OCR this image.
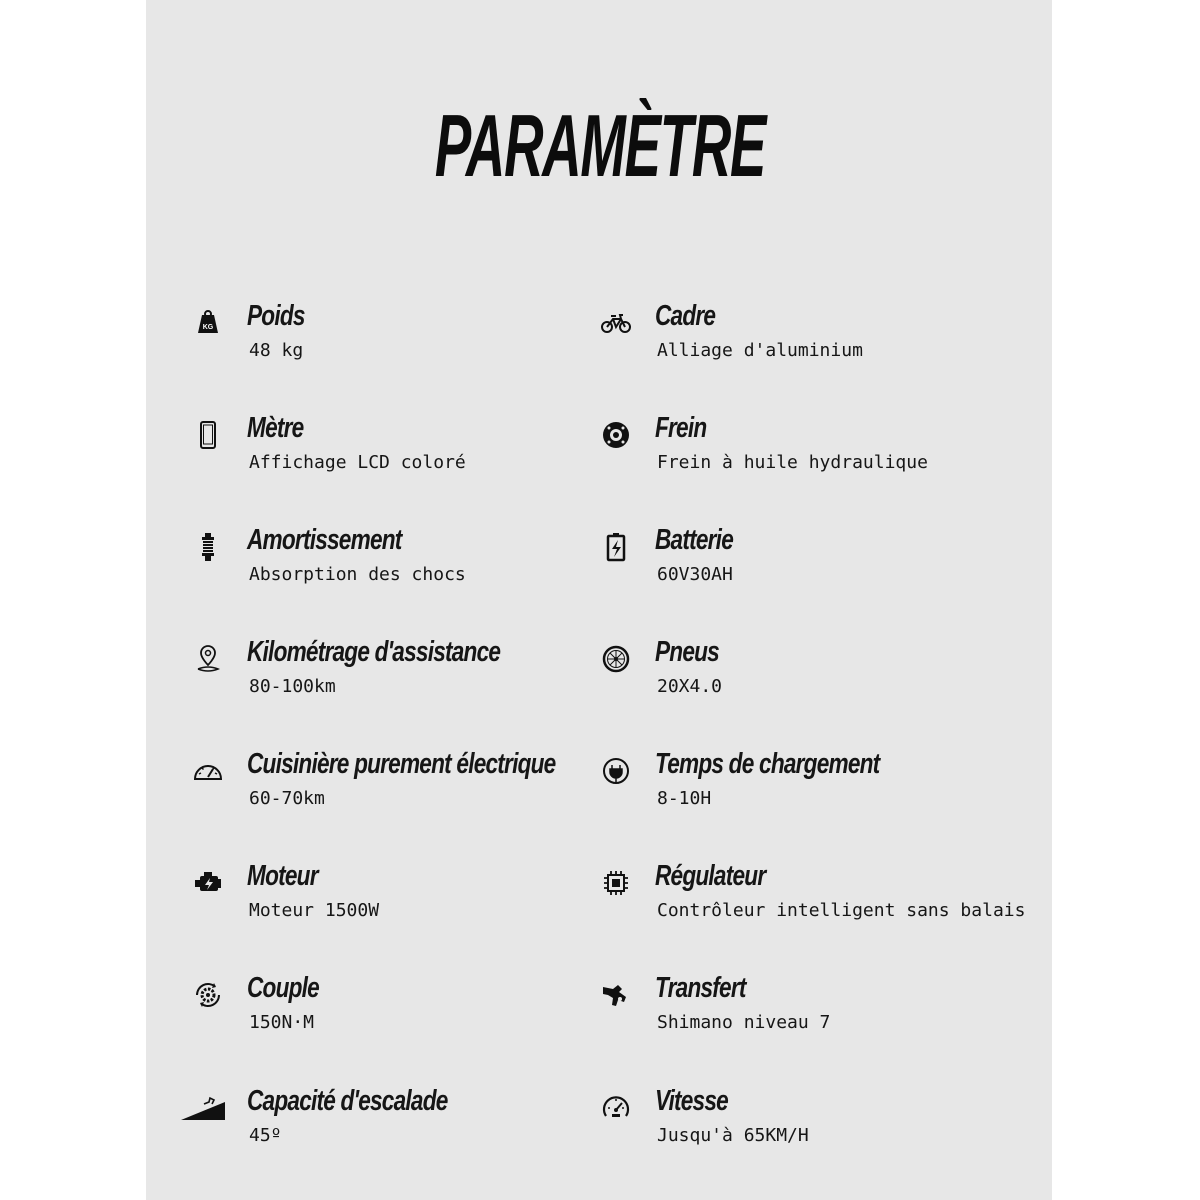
PARAMÈTRE
KG Poids
48 kg
Cadre
Alliage d'aluminium
Mètre
Affichage LCD coloré
Frein
Frein à huile hydraulique
Amortissement
Absorption des chocs
Batterie
60V30AH
Kilométrage d'assistance
80-100km
Pneus
20X4.0
Cuisinière purement électrique
60-70km
Temps de chargement
8-10H
Moteur
Moteur 1500W
Régulateur
Contrôleur intelligent sans balais
Couple
150N·M
Transfert
Shimano niveau 7
Capacité d'escalade
45º
Vitesse
Jusqu'à 65KM/H
